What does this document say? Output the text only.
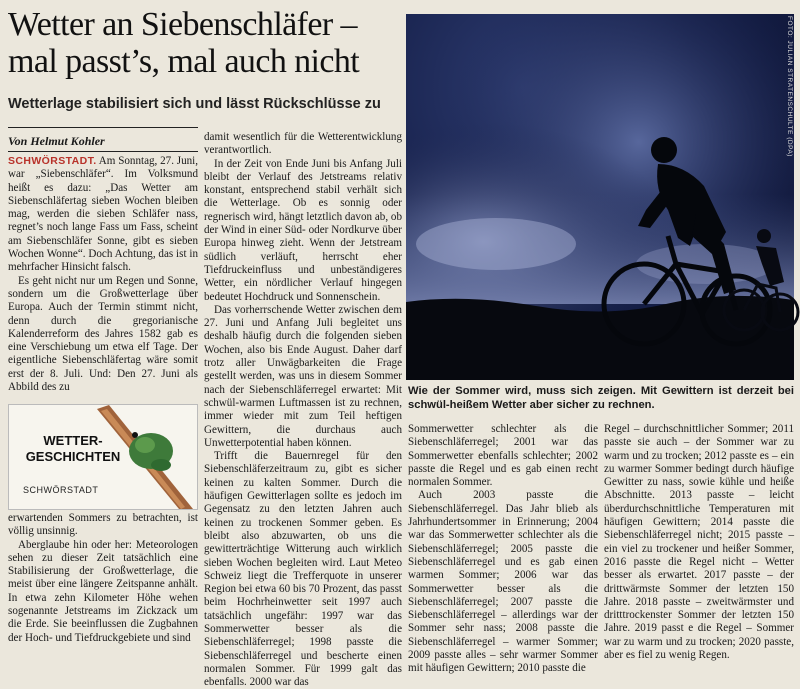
Wetter an Siebenschläfer –
mal passt’s, mal auch nicht
Wetterlage stabilisiert sich und lässt Rückschlüsse zu
Von Helmut Kohler

SCHWÖRSTADT. Am Sonntag, 27. Juni, war „Siebenschläfer“. Im Volksmund heißt es dazu: „Das Wetter am Siebenschläfertag sieben Wochen bleiben mag, werden die sieben Schläfer nass, regnet’s noch lange Fass um Fass, scheint am Siebenschläfer Sonne, gibt es sieben Wochen Wonne“. Doch Achtung, das ist in mehrfacher Hinsicht falsch.

Es geht nicht nur um Regen und Sonne, sondern um die Großwetterlage über Europa. Auch der Termin stimmt nicht, denn durch die gregorianische Kalenderreform des Jahres 1582 gab es eine Verschiebung um etwa elf Tage. Der eigentliche Siebenschläfertag wäre somit erst der 8. Juli. Und: Den 27. Juni als Abbild des zu

WETTER-GESCHICHTEN
SCHWÖRSTADT

erwartenden Sommers zu betrachten, ist völlig unsinnig.

Aberglaube hin oder her: Meteorologen sehen zu dieser Zeit tatsächlich eine Stabilisierung der Großwetterlage, die meist über eine längere Zeitspanne anhält. In etwa zehn Kilometer Höhe wehen sogenannte Jetstreams im Zickzack um die Erde. Sie beeinflussen die Zugbahnen der Hoch- und Tiefdruckgebiete und sind

damit wesentlich für die Wetterentwicklung verantwortlich.

In der Zeit von Ende Juni bis Anfang Juli bleibt der Verlauf des Jetstreams relativ konstant, entsprechend stabil verhält sich die Wetterlage. Ob es sonnig oder regnerisch wird, hängt letztlich davon ab, ob der Wind in einer Süd- oder Nordkurve über Europa hinweg zieht. Wenn der Jetstream südlich verläuft, herrscht eher Tiefdruckeinfluss und unbeständigeres Wetter, ein nördlicher Verlauf hingegen bedeutet Hochdruck und Sonnenschein.

Das vorherrschende Wetter zwischen dem 27. Juni und Anfang Juli begleitet uns deshalb häufig durch die folgenden sieben Wochen, also bis Ende August. Daher darf trotz aller Unwägbarkeiten die Frage gestellt werden, was uns in diesem Sommer nach der Siebenschläferregel erwartet: Mit schwül-warmen Luftmassen ist zu rechnen, immer wieder mit zum Teil heftigen Gewittern, die durchaus auch Unwetterpotential haben können.

Trifft die Bauernregel für den Siebenschläferzeitraum zu, gibt es sicher keinen zu kalten Sommer. Durch die häufigen Gewitterlagen sollte es jedoch im Gegensatz zu den letzten Jahren auch keinen zu trockenen Sommer geben. Es bleibt also abzuwarten, ob uns die gewitterträchtige Witterung auch wirklich sieben Wochen begleiten wird. Laut Meteo Schweiz liegt die Trefferquote in unserer Region bei etwa 60 bis 70 Prozent, das passt beim Hochrheinwetter seit 1997 auch tatsächlich ungefähr: 1997 war das Sommerwetter besser als die Siebenschläferregel; 1998 passte die Siebenschläferregel und bescherte einen normalen Sommer. Für 1999 galt das ebenfalls. 2000 war das

FOTO: JULIAN STRATENSCHULTE (DPA)
Wie der Sommer wird, muss sich zeigen. Mit Gewittern ist derzeit bei schwül-heißem Wetter aber sicher zu rechnen.

Sommerwetter schlechter als die Siebenschläferregel; 2001 war das Sommerwetter ebenfalls schlechter; 2002 passte die Regel und es gab einen recht normalen Sommer.

Auch 2003 passte die Siebenschläferregel. Das Jahr blieb als Jahrhundertsommer in Erinnerung; 2004 war das Sommerwetter schlechter als die Siebenschläferregel; 2005 passte die Siebenschläferregel und es gab einen warmen Sommer; 2006 war das Sommerwetter besser als die Siebenschläferregel; 2007 passte die Siebenschläferregel – allerdings war der Sommer sehr nass; 2008 passte die Siebenschläferregel – warmer Sommer; 2009 passte alles – sehr warmer Sommer mit häufigen Gewittern; 2010 passte die

Regel – durchschnittlicher Sommer; 2011 passte sie auch – der Sommer war zu warm und zu trocken; 2012 passte es – ein zu warmer Sommer bedingt durch häufige Gewitter zu nass, sowie kühle und heiße Abschnitte. 2013 passte – leicht überdurchschnittliche Temperaturen mit häufigen Gewittern; 2014 passte die Siebenschläferregel nicht; 2015 passte – ein viel zu trockener und heißer Sommer, 2016 passte die Regel nicht – Wetter besser als erwartet. 2017 passte – der drittwärmste Sommer der letzten 150 Jahre. 2018 passte – zweitwärmster und dritttrockenster Sommer der letzten 150 Jahre. 2019 passt e die Regel – Sommer war zu warm und zu trocken; 2020 passte, aber es fiel zu wenig Regen.
